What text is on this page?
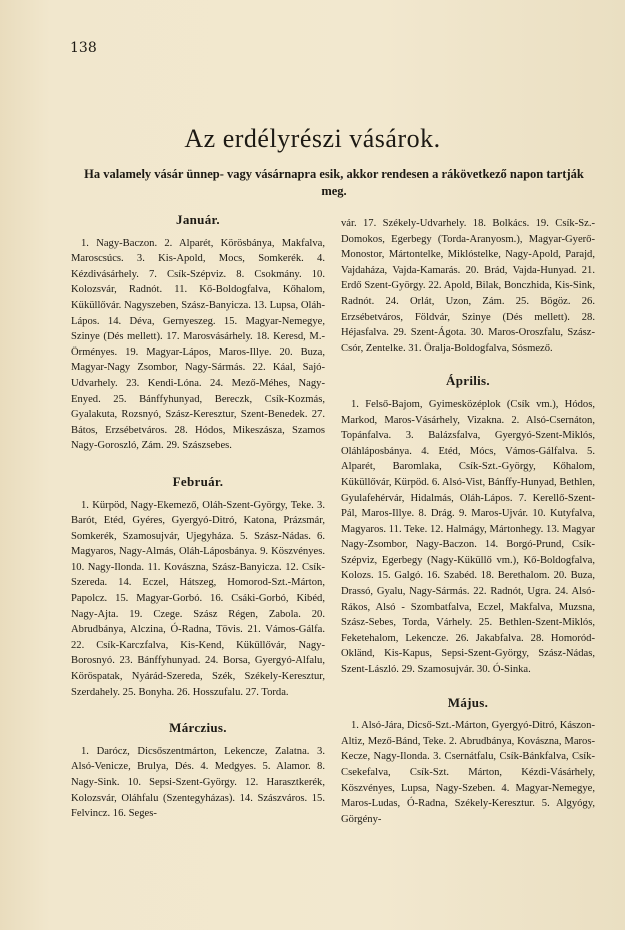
138
Az erdélyrészi vásárok.
Ha valamely vásár ünnep- vagy vásárnapra esik, akkor rendesen a rákövetkező napon tartják meg.
Január.

1. Nagy-Baczon. 2. Alparét, Körösbánya, Makfalva, Maroscsúcs. 3. Kis-Apold, Mocs, Somkerék. 4. Kézdivásárhely. 7. Csík-Szépviz. 8. Csokmány. 10. Kolozsvár, Radnót. 11. Kő-Boldogfalva, Kőhalom, Küküllővár. Nagyszeben, Szász-Banyicza. 13. Lupsa, Oláh-Lápos. 14. Déva, Gernyeszeg. 15. Magyar-Nemegye, Szinye (Dés mellett). 17. Marosvásárhely. 18. Keresd, M.-Örményes. 19. Magyar-Lápos, Maros-Illye. 20. Buza, Magyar-Nagy Zsombor, Nagy-Sármás. 22. Káal, Sajó-Udvarhely. 23. Kendi-Lóna. 24. Mező-Méhes, Nagy-Enyed. 25. Bánffyhunyad, Bereczk, Csík-Kozmás, Gyalakuta, Rozsnyó, Szász-Keresztur, Szent-Benedek. 27. Bátos, Erzsébetváros. 28. Hódos, Mikeszásza, Szamos Nagy-Goroszló, Zám. 29. Szászsebes.

Február.

1. Kürpöd, Nagy-Ekemező, Oláh-Szent-György, Teke. 3. Barót, Etéd, Gyéres, Gyergyó-Ditró, Katona, Prázsmár, Somkerék, Szamosujvár, Ujegyháza. 5. Szász-Nádas. 6. Magyaros, Nagy-Almás, Oláh-Láposbánya. 9. Köszvényes. 10. Nagy-Ilonda. 11. Kovászna, Szász-Banyicza. 12. Csík-Szereda. 14. Eczel, Hátszeg, Homorod-Szt.-Márton, Papolcz. 15. Magyar-Gorbó. 16. Csáki-Gorbó, Kibéd, Nagy-Ajta. 19. Czege. Szász Régen, Zabola. 20. Abrudbánya, Alczina, Ó-Radna, Tövis. 21. Vámos-Gálfa. 22. Csík-Karczfalva, Kis-Kend, Küküllővár, Nagy-Borosnyó. 23. Bánffyhunyad. 24. Borsa, Gyergyó-Alfalu, Köröspatak, Nyárád-Szereda, Szék, Székely-Keresztur, Szerdahely. 25. Bonyha. 26. Hosszufalu. 27. Torda.

Márczius.

1. Darócz, Dicsőszentmárton, Lekencze, Zalatna. 3. Alsó-Venicze, Brulya, Dés. 4. Medgyes. 5. Alamor. 8. Nagy-Sink. 10. Sepsi-Szent-György. 12. Harasztkerék, Kolozsvár, Oláhfalu (Szentegyházas). 14. Szászváros. 15. Felvincz. 16. Seges-

vár. 17. Székely-Udvarhely. 18. Bolkács. 19. Csík-Sz.-Domokos, Egerbegy (Torda-Aranyosm.), Magyar-Gyerő-Monostor, Mártontelke, Miklóstelke, Nagy-Apold, Parajd, Vajdaháza, Vajda-Kamarás. 20. Brád, Vajda-Hunyad. 21. Erdő Szent-György. 22. Apold, Bilak, Bonczhida, Kis-Sink, Radnót. 24. Orlát, Uzon, Zám. 25. Bögöz. 26. Erzsébetváros, Földvár, Szinye (Dés mellett). 28. Héjasfalva. 29. Szent-Ágota. 30. Maros-Oroszfalu, Szász-Csór, Zentelke. 31. Öralja-Boldogfalva, Sósmező.

Április.

1. Felső-Bajom, Gyimesközéplok (Csík vm.), Hódos, Markod, Maros-Vásárhely, Vizakna. 2. Alsó-Csernáton, Topánfalva. 3. Balázsfalva, Gyergyó-Szent-Miklós, Oláhláposbánya. 4. Etéd, Mócs, Vámos-Gálfalva. 5. Alparét, Baromlaka, Csík-Szt.-György, Kőhalom, Küküllővár, Kürpöd. 6. Alsó-Vist, Bánffy-Hunyad, Bethlen, Gyulafehérvár, Hidalmás, Oláh-Lápos. 7. Kerellő-Szent-Pál, Maros-Illye. 8. Drág. 9. Maros-Ujvár. 10. Kutyfalva, Magyaros. 11. Teke. 12. Halmágy, Mártonhegy. 13. Magyar Nagy-Zsombor, Nagy-Baczon. 14. Borgó-Prund, Csík-Szépviz, Egerbegy (Nagy-Küküllő vm.), Kő-Boldogfalva, Kolozs. 15. Galgó. 16. Szabéd. 18. Berethalom. 20. Buza, Drassó, Gyalu, Nagy-Sármás. 22. Radnót, Ugra. 24. Alsó-Rákos, Alsó - Szombatfalva, Eczel, Makfalva, Muzsna, Szász-Sebes, Torda, Várhely. 25. Bethlen-Szent-Miklós, Feketehalom, Lekencze. 26. Jakabfalva. 28. Homoród-Okländ, Kis-Kapus, Sepsi-Szent-György, Szász-Nádas, Szent-László. 29. Szamosujvár. 30. Ó-Sinka.

Május.

1. Alsó-Jára, Dicső-Szt.-Márton, Gyergyó-Ditró, Kászon-Altiz, Mező-Bánd, Teke. 2. Abrudbánya, Kovászna, Maros-Kecze, Nagy-Ilonda. 3. Csernátfalu, Csík-Bánkfalva, Csík-Csekefalva, Csík-Szt. Márton, Kézdi-Vásárhely, Köszvényes, Lupsa, Nagy-Szeben. 4. Magyar-Nemegye, Maros-Ludas, Ó-Radna, Székely-Keresztur. 5. Algyógy, Görgény-
